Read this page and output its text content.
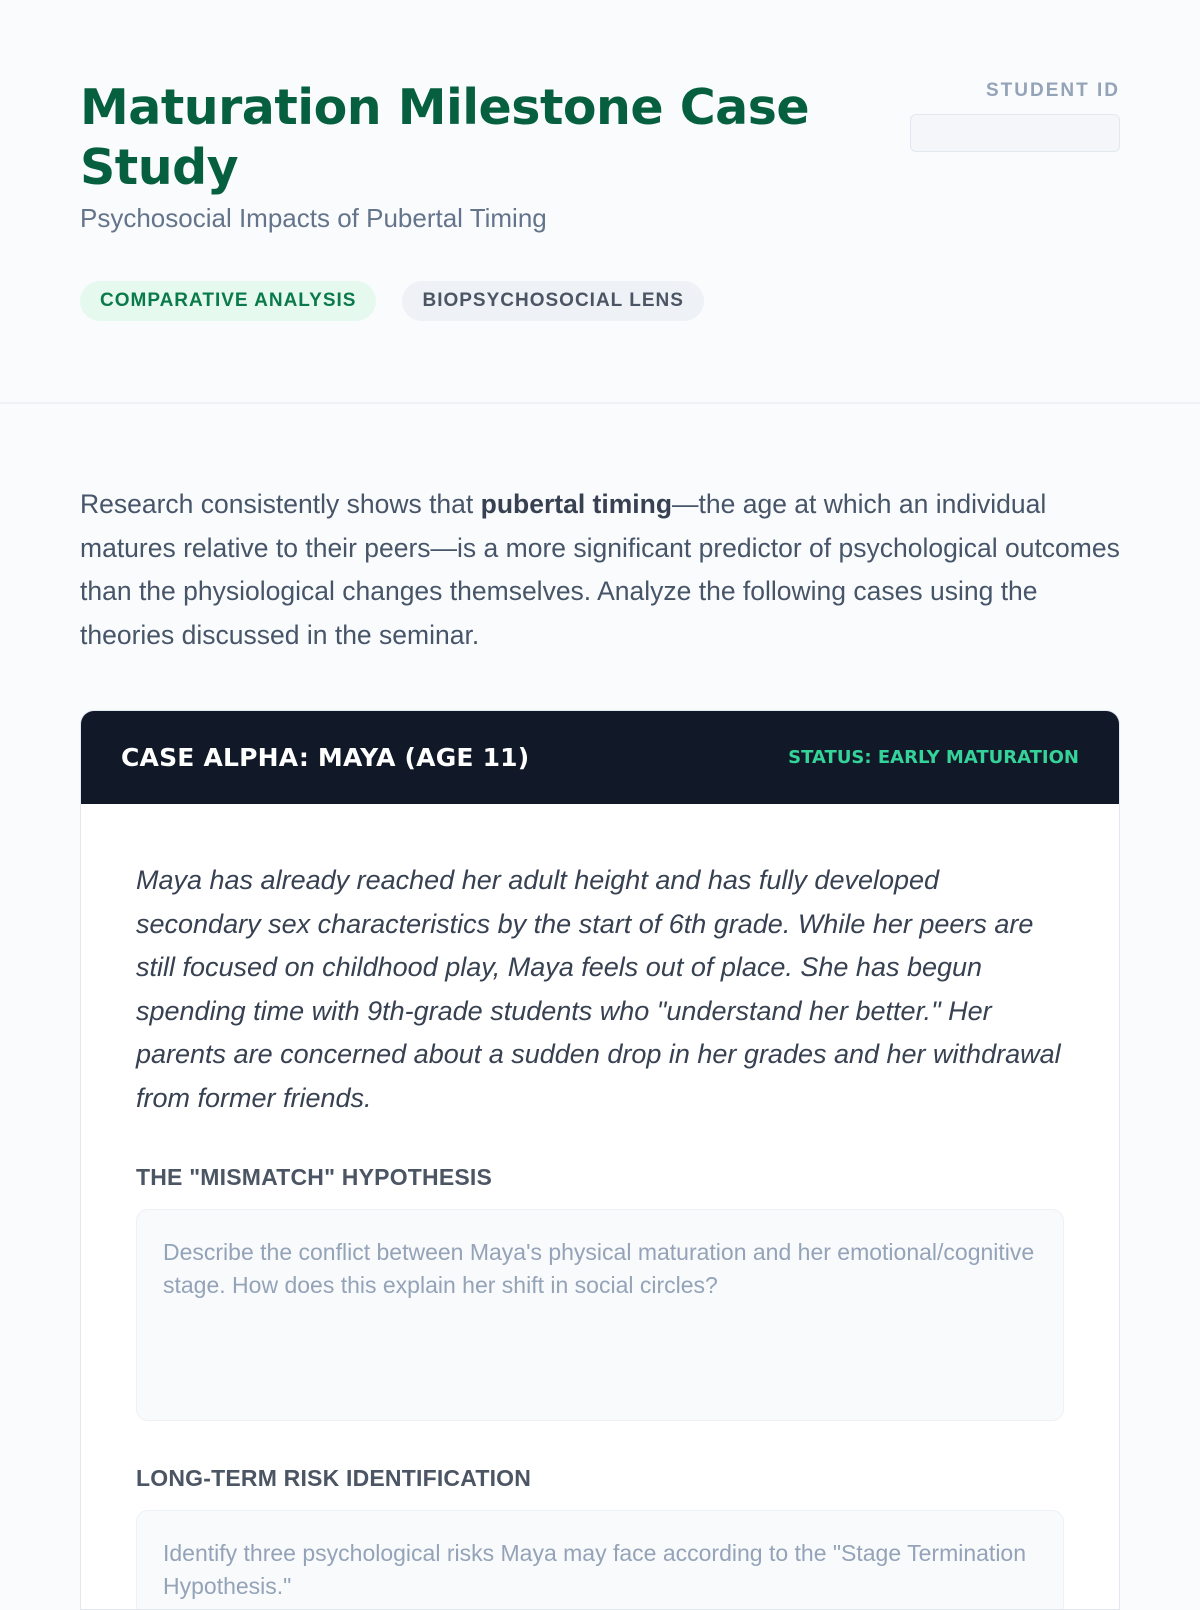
Maturation Milestone Case Study

Psychosocial Impacts of Pubertal Timing

COMPARATIVE ANALYSIS	BIOPSYCHOSOCIAL LENS
STUDENT ID

Research consistently shows that pubertal timing—the age at which an individual matures relative to their peers—is a more significant predictor of psychological outcomes than the physiological changes themselves. Analyze the following cases using the theories discussed in the seminar.

CASE ALPHA: MAYA (AGE 11)	STATUS: EARLY MATURATION

Maya has already reached her adult height and has fully developed secondary sex characteristics by the start of 6th grade. While her peers are still focused on childhood play, Maya feels out of place. She has begun spending time with 9th-grade students who "understand her better." Her parents are concerned about a sudden drop in her grades and her withdrawal from former friends.

THE "MISMATCH" HYPOTHESIS
Describe the conflict between Maya's physical maturation and her emotional/cognitive stage. How does this explain her shift in social circles?
LONG-TERM RISK IDENTIFICATION
Identify three psychological risks Maya may face according to the "Stage Termination Hypothesis."
